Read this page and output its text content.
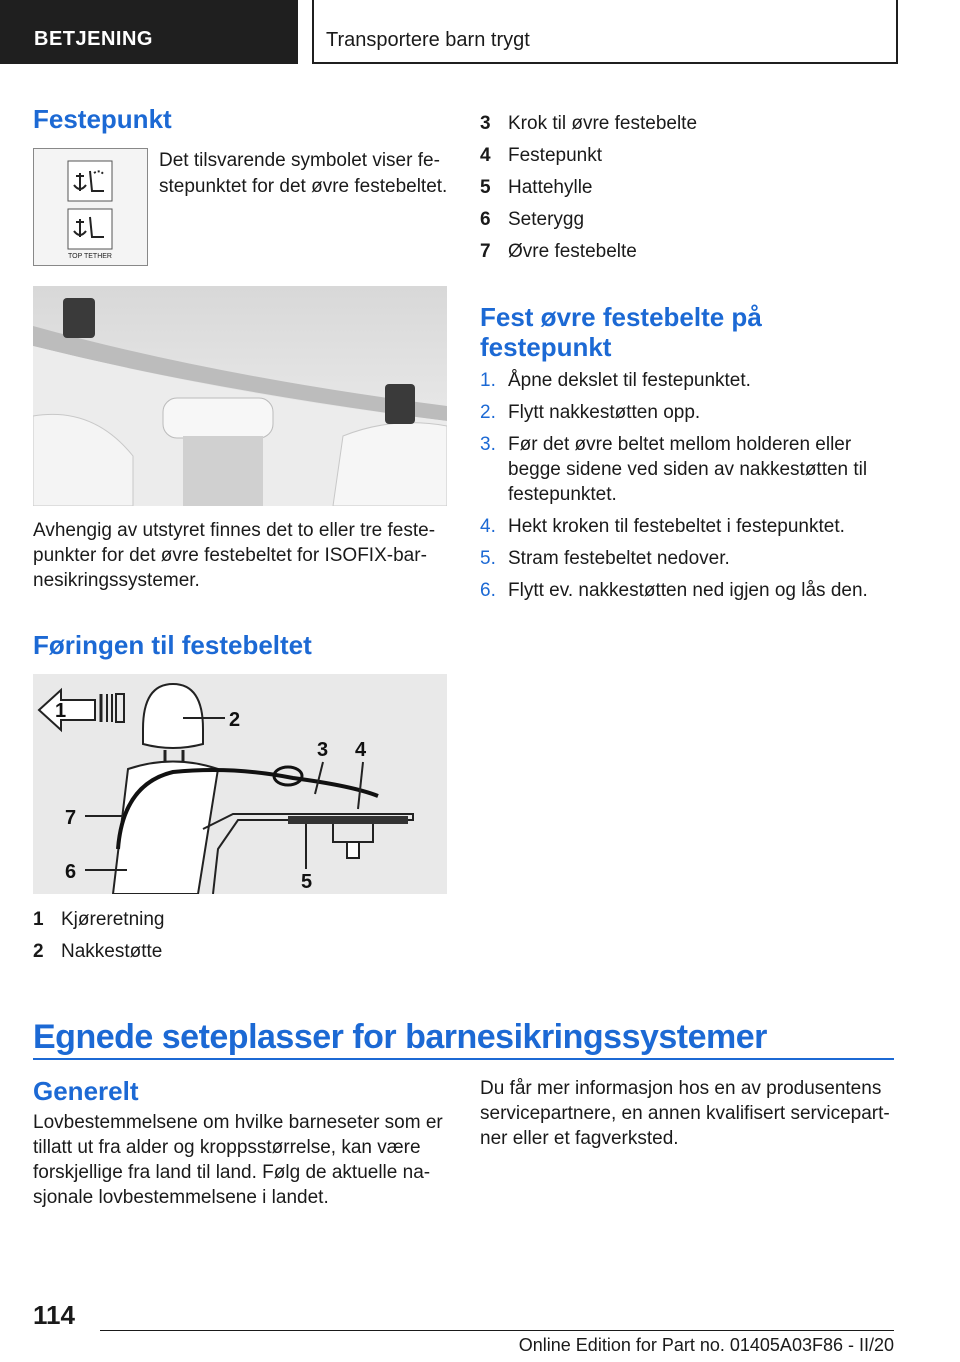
BETJENING	Transportere barn trygt
Festepunkt
TOP TETHER
Det tilsvarende symbolet viser festepunktet for det øvre festebeltet.
Avhengig av utstyret finnes det to eller tre festepunkter for det øvre festebeltet for ISOFIX-barnesikringssystemer.
Føringen til festebeltet
1	2
3 4
5
6
7
1 Kjøreretning
2 Nakkestøtte
3 Krok til øvre festebelte
4 Festepunkt
5 Hattehylle
6 Seterygg
7 Øvre festebelte
Fest øvre festebelte på
festepunkt
1. Åpne dekslet til festepunktet.
2. Flytt nakkestøtten opp.
3. Før det øvre beltet mellom holderen eller begge sidene ved siden av nakkestøtten til festepunktet.
4. Hekt kroken til festebeltet i festepunktet.
5. Stram festebeltet nedover.
6. Flytt ev. nakkestøtten ned igjen og lås den.
Egnede seteplasser for barnesikringssystemer
Generelt
Lovbestemmelsene om hvilke barneseter som er tillatt ut fra alder og kroppsstørrelse, kan være forskjellige fra land til land. Følg de aktuelle nasjonale lovbestemmelsene i landet.
Du får mer informasjon hos en av produsentens servicepartnere, en annen kvalifisert servicepartner eller et fagverksted.
114
Online Edition for Part no. 01405A03F86 - II/20
